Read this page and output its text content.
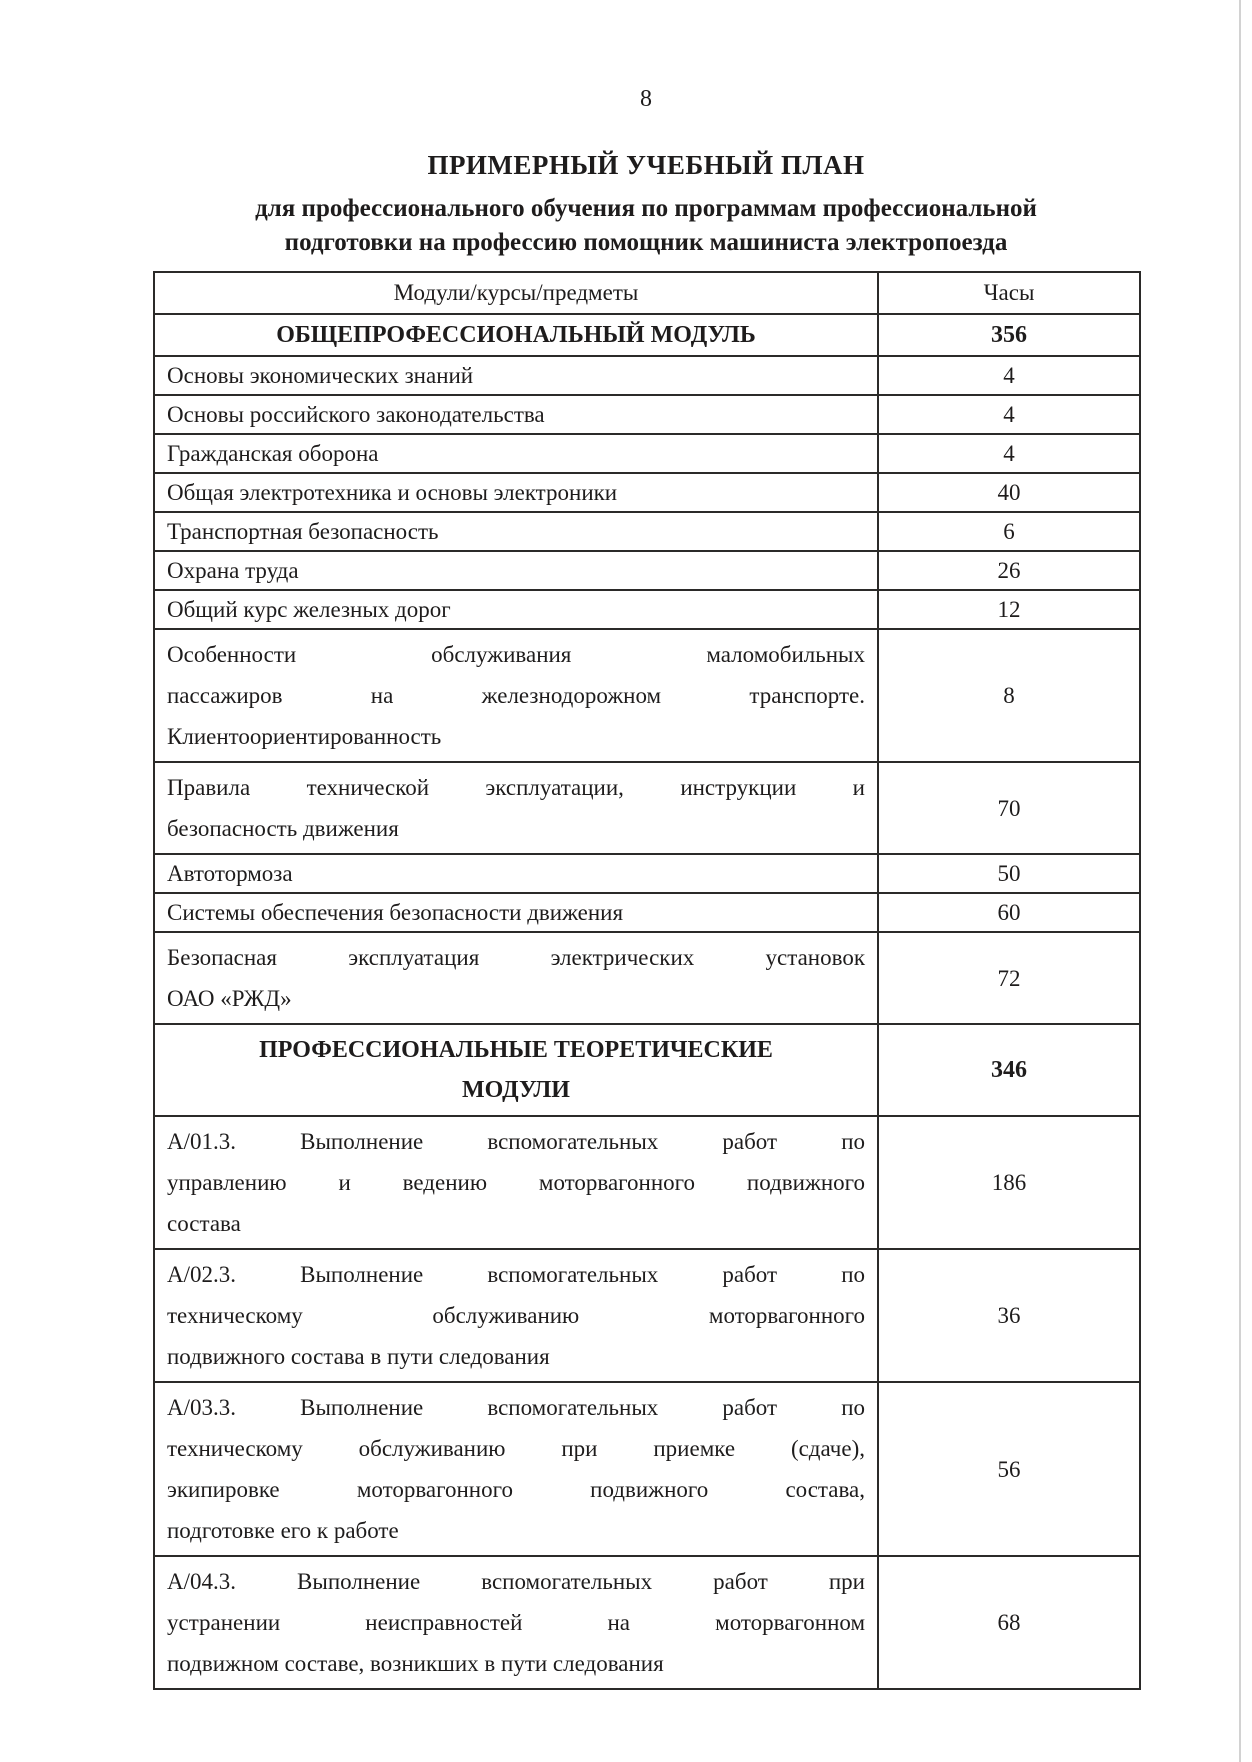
8
ПРИМЕРНЫЙ УЧЕБНЫЙ ПЛАН
для профессионального обучения по программам профессиональной
подготовки на профессию помощник машиниста электропоезда
Модули/курсы/предметы	Часы
ОБЩЕПРОФЕССИОНАЛЬНЫЙ МОДУЛЬ	356
Основы экономических знаний	4
Основы российского законодательства	4
Гражданская оборона	4
Общая электротехника и основы электроники	40
Транспортная безопасность	6
Охрана труда	26
Общий курс железных дорог	12

Особенности обслуживания маломобильных
пассажиров на железнодорожном транспорте.
Клиентоориентированность	8

Правила технической эксплуатации, инструкции и
безопасность движения	70
Автотормоза	50
Системы обеспечения безопасности движения	60

Безопасная эксплуатация электрических установок
ОАО «РЖД»	72

ПРОФЕССИОНАЛЬНЫЕ ТЕОРЕТИЧЕСКИЕ
МОДУЛИ	346

А/01.3. Выполнение вспомогательных работ по
управлению и ведению моторвагонного подвижного
состава	186

А/02.3. Выполнение вспомогательных работ по
техническому обслуживанию моторвагонного
подвижного состава в пути следования	36

А/03.3. Выполнение вспомогательных работ по
техническому обслуживанию при приемке (сдаче),
экипировке моторвагонного подвижного состава,
подготовке его к работе	56

А/04.3. Выполнение вспомогательных работ при
устранении неисправностей на моторвагонном
подвижном составе, возникших в пути следования	68
